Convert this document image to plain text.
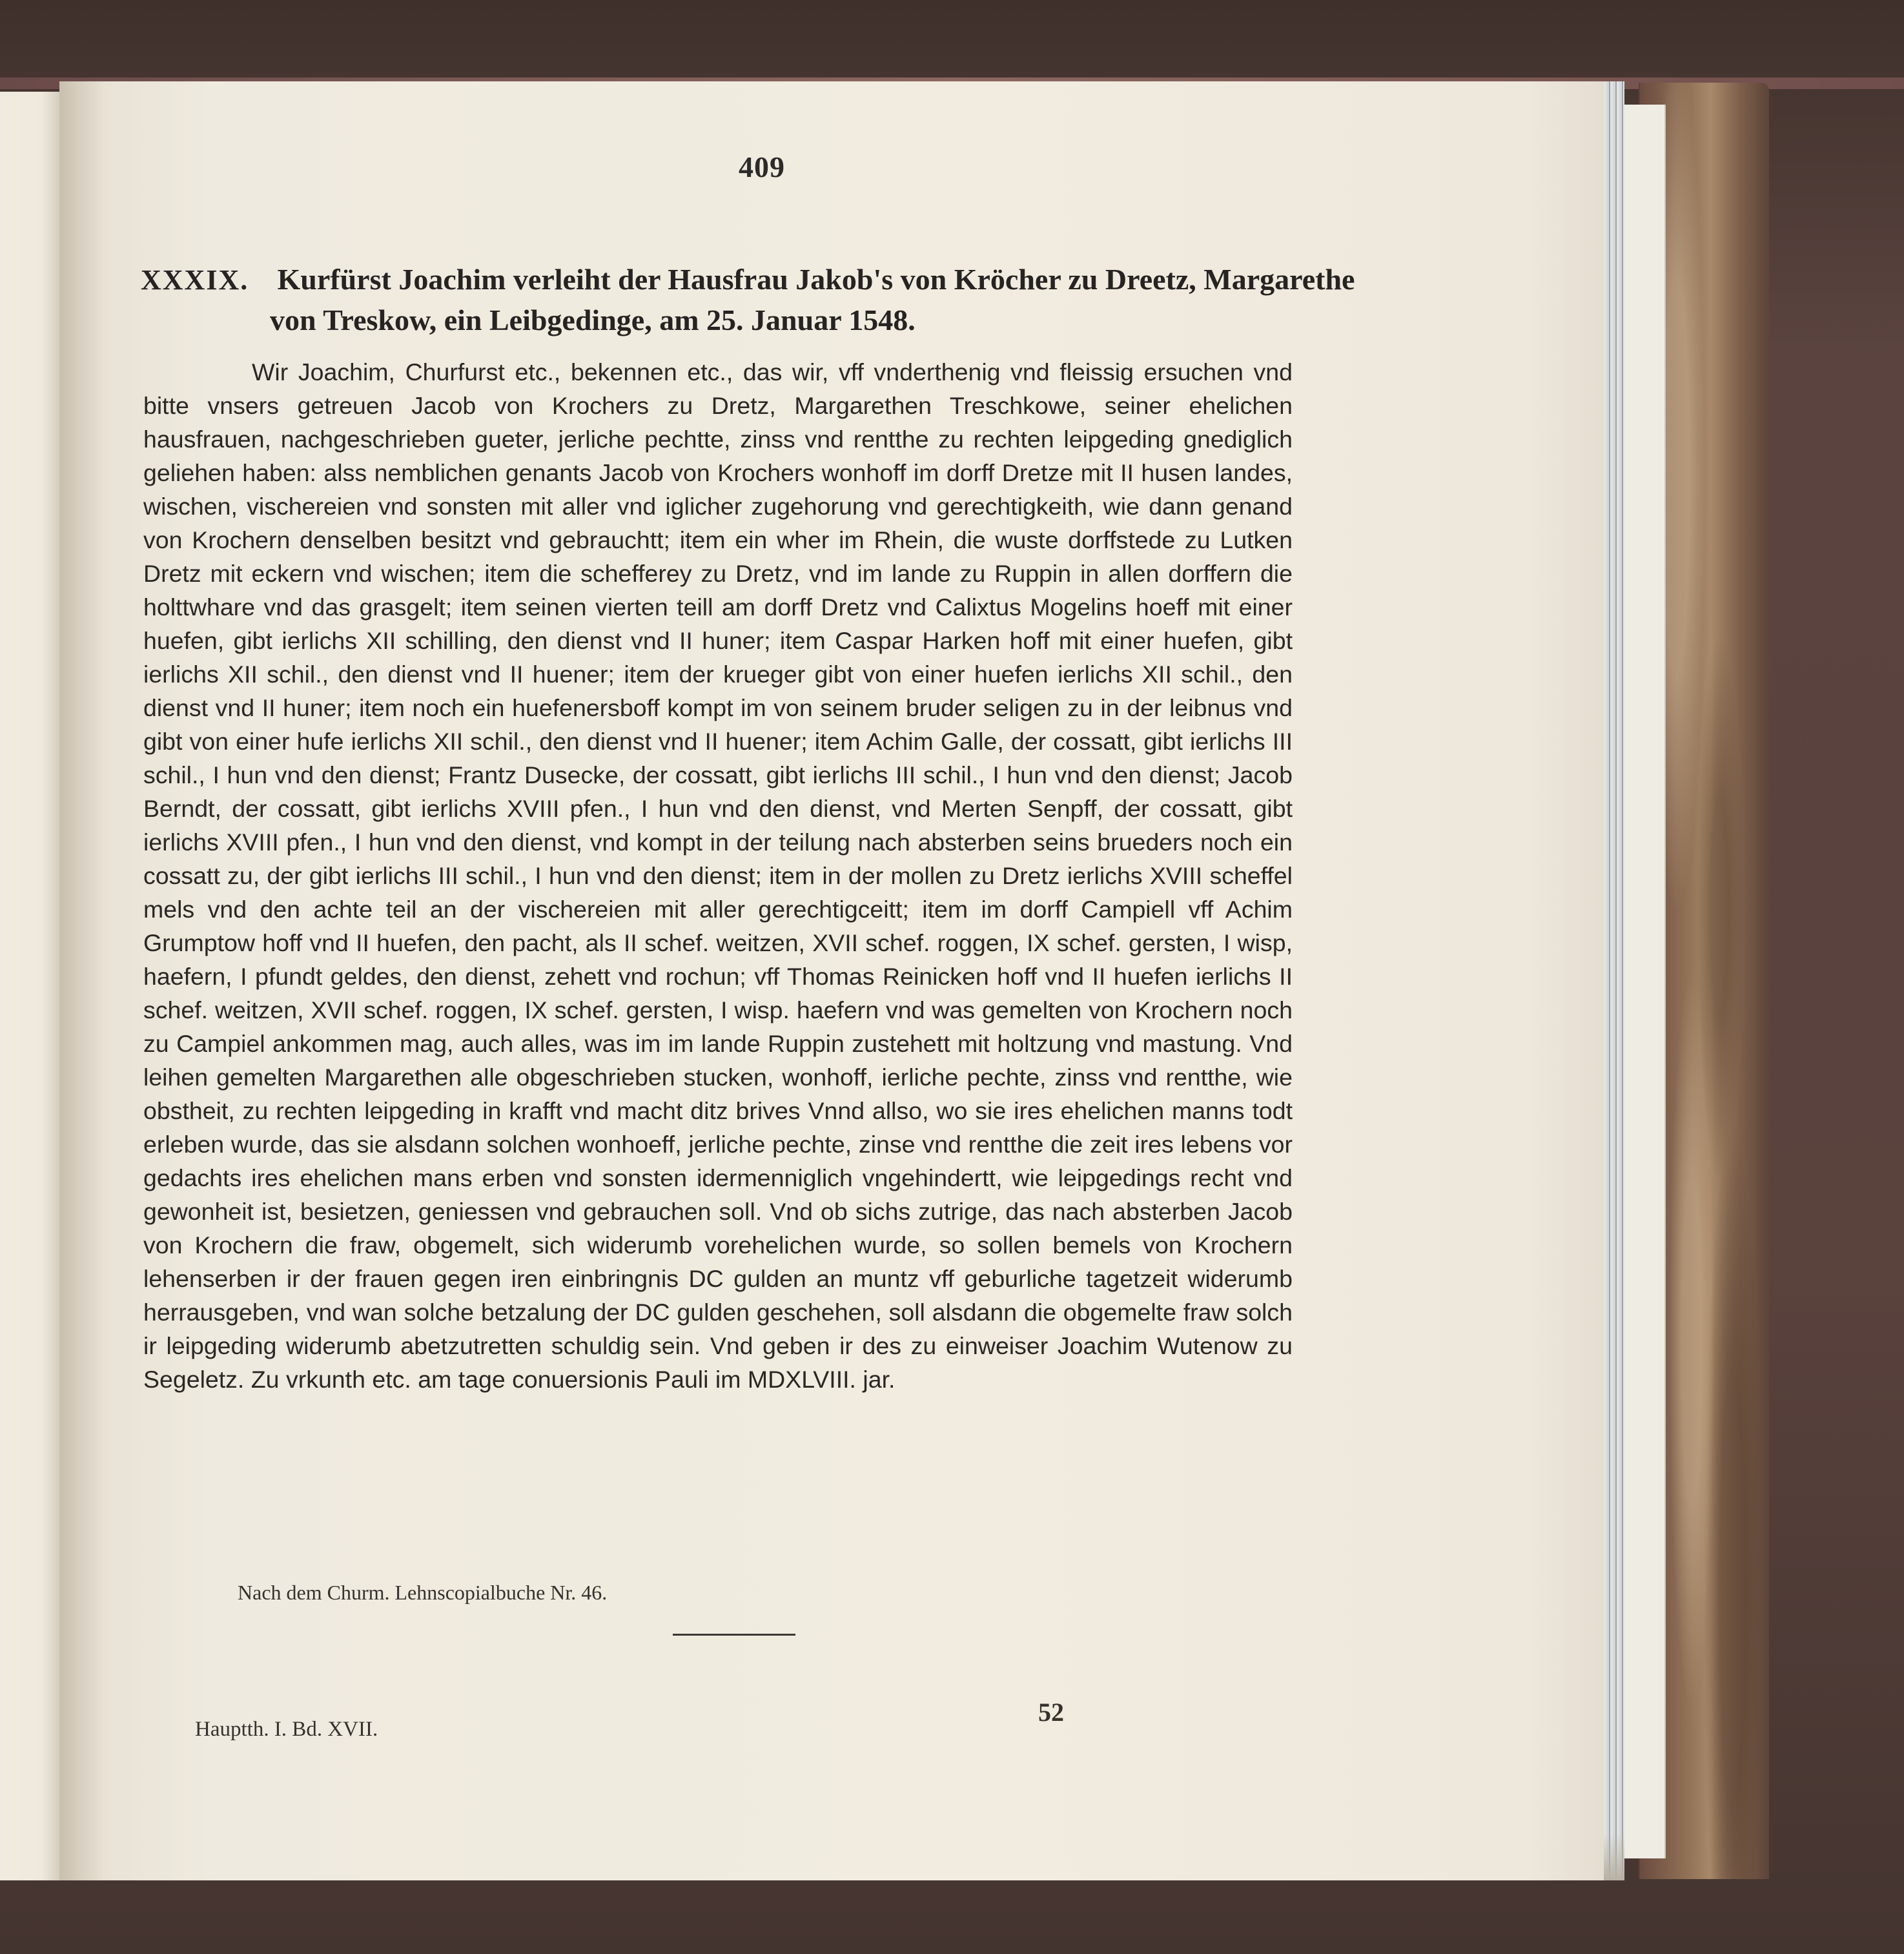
409
XXXIX. Kurfürst Joachim verleiht der Hausfrau Jakob's von Kröcher zu Dreetz, Margarethe
von Treskow, ein Leibgedinge, am 25. Januar 1548.

Wir Joachim, Churfurst etc., bekennen etc., das wir, vff vnderthenig vnd fleissig ersuchen vnd bitte vnsers getreuen Jacob von Krochers zu Dretz, Margarethen Treschkowe, seiner ehelichen hausfrauen, nachgeschrieben gueter, jerliche pechtte, zinss vnd rentthe zu rechten leipgeding gnediglich geliehen haben: alss nemblichen genants Jacob von Krochers wonhoff im dorff Dretze mit II husen landes, wischen, vischereien vnd sonsten mit aller vnd iglicher zugehorung vnd gerechtigkeith, wie dann genand von Krochern denselben besitzt vnd gebrauchtt; item ein wher im Rhein, die wuste dorffstede zu Lutken Dretz mit eckern vnd wischen; item die schefferey zu Dretz, vnd im lande zu Ruppin in allen dorffern die holttwhare vnd das grasgelt; item seinen vierten teill am dorff Dretz vnd Calixtus Mogelins hoeff mit einer huefen, gibt ierlichs XII schilling, den dienst vnd II huner; item Caspar Harken hoff mit einer huefen, gibt ierlichs XII schil., den dienst vnd II huener; item der krueger gibt von einer huefen ierlichs XII schil., den dienst vnd II huner; item noch ein huefenersboff kompt im von seinem bruder seligen zu in der leibnus vnd gibt von einer hufe ierlichs XII schil., den dienst vnd II huener; item Achim Galle, der cossatt, gibt ierlichs III schil., I hun vnd den dienst; Frantz Dusecke, der cossatt, gibt ierlichs III schil., I hun vnd den dienst; Jacob Berndt, der cossatt, gibt ierlichs XVIII pfen., I hun vnd den dienst, vnd Merten Senpff, der cossatt, gibt ierlichs XVIII pfen., I hun vnd den dienst, vnd kompt in der teilung nach absterben seins brueders noch ein cossatt zu, der gibt ierlichs III schil., I hun vnd den dienst; item in der mollen zu Dretz ierlichs XVIII scheffel mels vnd den achte teil an der vischereien mit aller gerechtigceitt; item im dorff Campiell vff Achim Grumptow hoff vnd II huefen, den pacht, als II schef. weitzen, XVII schef. roggen, IX schef. gersten, I wisp, haefern, I pfundt geldes, den dienst, zehett vnd rochun; vff Thomas Reinicken hoff vnd II huefen ierlichs II schef. weitzen, XVII schef. roggen, IX schef. gersten, I wisp. haefern vnd was gemelten von Krochern noch zu Campiel ankommen mag, auch alles, was im im lande Ruppin zustehett mit holtzung vnd mastung. Vnd leihen gemelten Margarethen alle obgeschrieben stucken, wonhoff, ierliche pechte, zinss vnd rentthe, wie obstheit, zu rechten leipgeding in krafft vnd macht ditz brives Vnnd allso, wo sie ires ehelichen manns todt erleben wurde, das sie alsdann solchen wonhoeff, jerliche pechte, zinse vnd rentthe die zeit ires lebens vor gedachts ires ehelichen mans erben vnd sonsten idermenniglich vngehindertt, wie leipgedings recht vnd gewonheit ist, besietzen, geniessen vnd gebrauchen soll. Vnd ob sichs zutrige, das nach absterben Jacob von Krochern die fraw, obgemelt, sich widerumb vorehelichen wurde, so sollen bemels von Krochern lehenserben ir der frauen gegen iren einbringnis DC gulden an muntz vff geburliche tagetzeit widerumb herrausgeben, vnd wan solche betzalung der DC gulden geschehen, soll alsdann die obgemelte fraw solch ir leipgeding widerumb abetzutretten schuldig sein. Vnd geben ir des zu einweiser Joachim Wutenow zu Segeletz. Zu vrkunth etc. am tage conuersionis Pauli im MDXLVIII. jar.

Nach dem Churm. Lehnscopialbuche Nr. 46.
Hauptth. I. Bd. XVII.
52
